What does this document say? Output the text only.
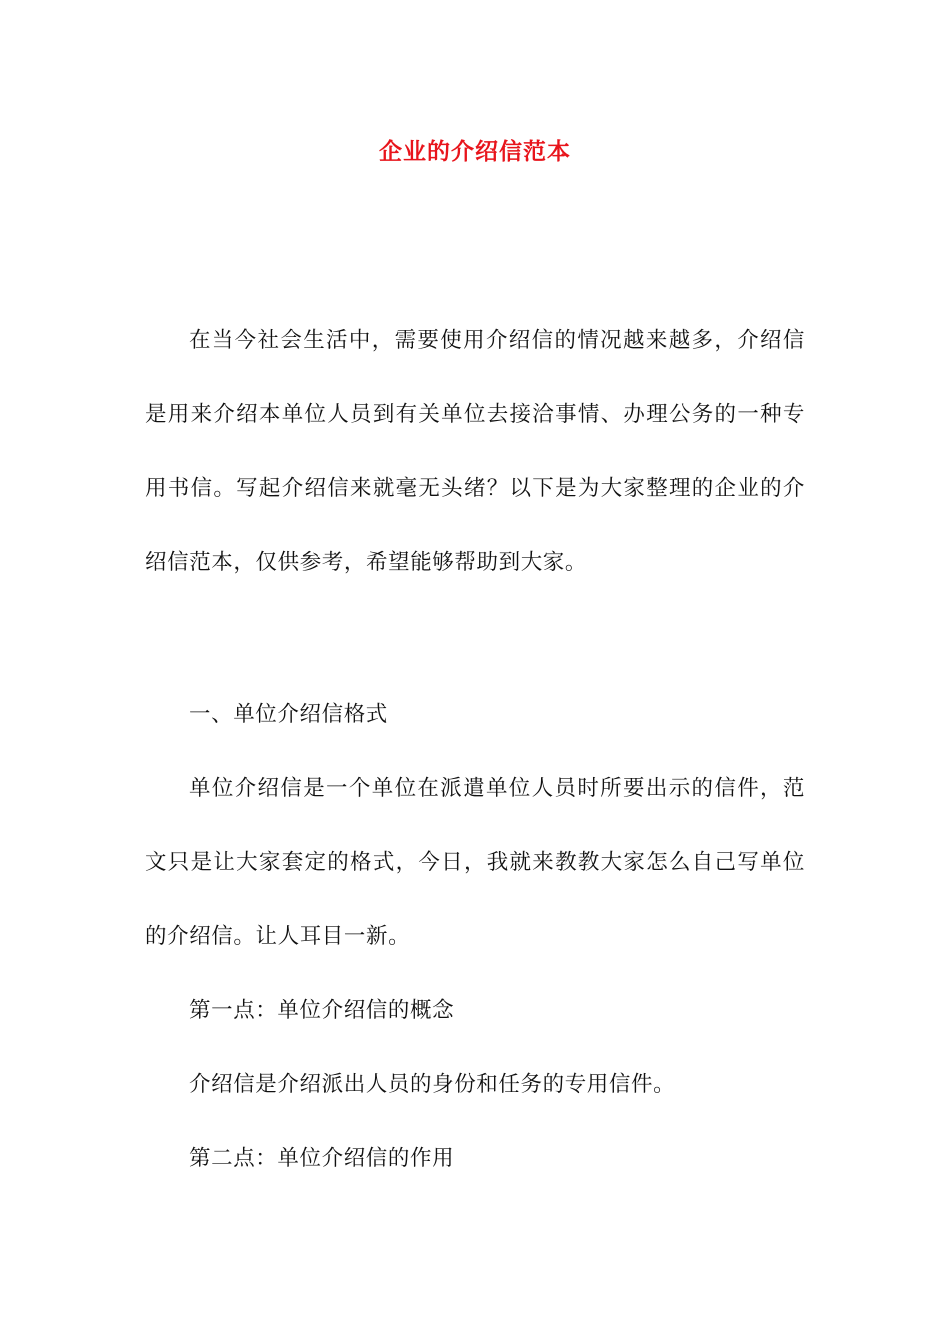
企业的介绍信范本

在当今社会生活中，需要使用介绍信的情况越来越多，介绍信是用来介绍本单位人员到有关单位去接洽事情、办理公务的一种专用书信。写起介绍信来就毫无头绪？以下是为大家整理的企业的介绍信范本，仅供参考，希望能够帮助到大家。

一、单位介绍信格式

单位介绍信是一个单位在派遣单位人员时所要出示的信件，范文只是让大家套定的格式，今日，我就来教教大家怎么自己写单位的介绍信。让人耳目一新。

第一点：单位介绍信的概念

介绍信是介绍派出人员的身份和任务的专用信件。

第二点：单位介绍信的作用
